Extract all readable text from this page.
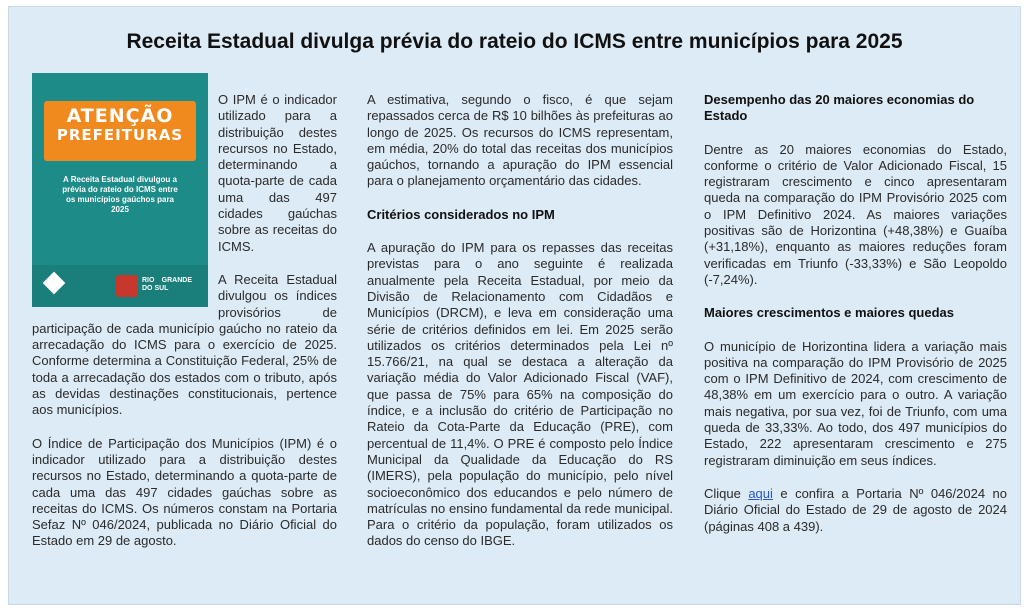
Receita Estadual divulga prévia do rateio do ICMS entre municípios para 2025
ATENÇÃO
PREFEITURAS
A Receita Estadual divulgou a prévia do rateio do ICMS entre os municípios gaúchos para 2025
RIO GRANDE DO SUL

O IPM é o indicador utilizado para a distribuição destes recursos no Estado, determinando a quota-parte de cada uma das 497 cidades gaúchas sobre as receitas do ICMS.

A Receita Estadual divulgou os índices provisórios de participação de cada município gaúcho no rateio da arrecadação do ICMS para o exercício de 2025. Conforme determina a Constituição Federal, 25% de toda a arrecadação dos estados com o tributo, após as devidas destinações constitucionais, pertence aos municípios.

O Índice de Participação dos Municípios (IPM) é o indicador utilizado para a distribuição destes recursos no Estado, determinando a quota-parte de cada uma das 497 cidades gaúchas sobre as receitas do ICMS. Os números constam na Portaria Sefaz Nº 046/2024, publicada no Diário Oficial do Estado em 29 de agosto.

A estimativa, segundo o fisco, é que sejam repassados cerca de R$ 10 bilhões às prefeituras ao longo de 2025. Os recursos do ICMS representam, em média, 20% do total das receitas dos municípios gaúchos, tornando a apuração do IPM essencial para o planejamento orçamentário das cidades.

Critérios considerados no IPM

A apuração do IPM para os repasses das receitas previstas para o ano seguinte é realizada anualmente pela Receita Estadual, por meio da Divisão de Relacionamento com Cidadãos e Municípios (DRCM), e leva em consideração uma série de critérios definidos em lei. Em 2025 serão utilizados os critérios determinados pela Lei nº 15.766/21, na qual se destaca a alteração da variação média do Valor Adicionado Fiscal (VAF), que passa de 75% para 65% na composição do índice, e a inclusão do critério de Participação no Rateio da Cota-Parte da Educação (PRE), com percentual de 11,4%. O PRE é composto pelo Índice Municipal da Qualidade da Educação do RS (IMERS), pela população do município, pelo nível socioeconômico dos educandos e pelo número de matrículas no ensino fundamental da rede municipal. Para o critério da população, foram utilizados os dados do censo do IBGE.

Desempenho das 20 maiores economias do Estado

Dentre as 20 maiores economias do Estado, conforme o critério de Valor Adicionado Fiscal, 15 registraram crescimento e cinco apresentaram queda na comparação do IPM Provisório 2025 com o IPM Definitivo 2024. As maiores variações positivas são de Horizontina (+48,38%) e Guaíba (+31,18%), enquanto as maiores reduções foram verificadas em Triunfo (-33,33%) e São Leopoldo (-7,24%).

Maiores crescimentos e maiores quedas

O município de Horizontina lidera a variação mais positiva na comparação do IPM Provisório de 2025 com o IPM Definitivo de 2024, com crescimento de 48,38% em um exercício para o outro. A variação mais negativa, por sua vez, foi de Triunfo, com uma queda de 33,33%. Ao todo, dos 497 municípios do Estado, 222 apresentaram crescimento e 275 registraram diminuição em seus índices.

Clique aqui e confira a Portaria Nº 046/2024 no Diário Oficial do Estado de 29 de agosto de 2024 (páginas 408 a 439).
